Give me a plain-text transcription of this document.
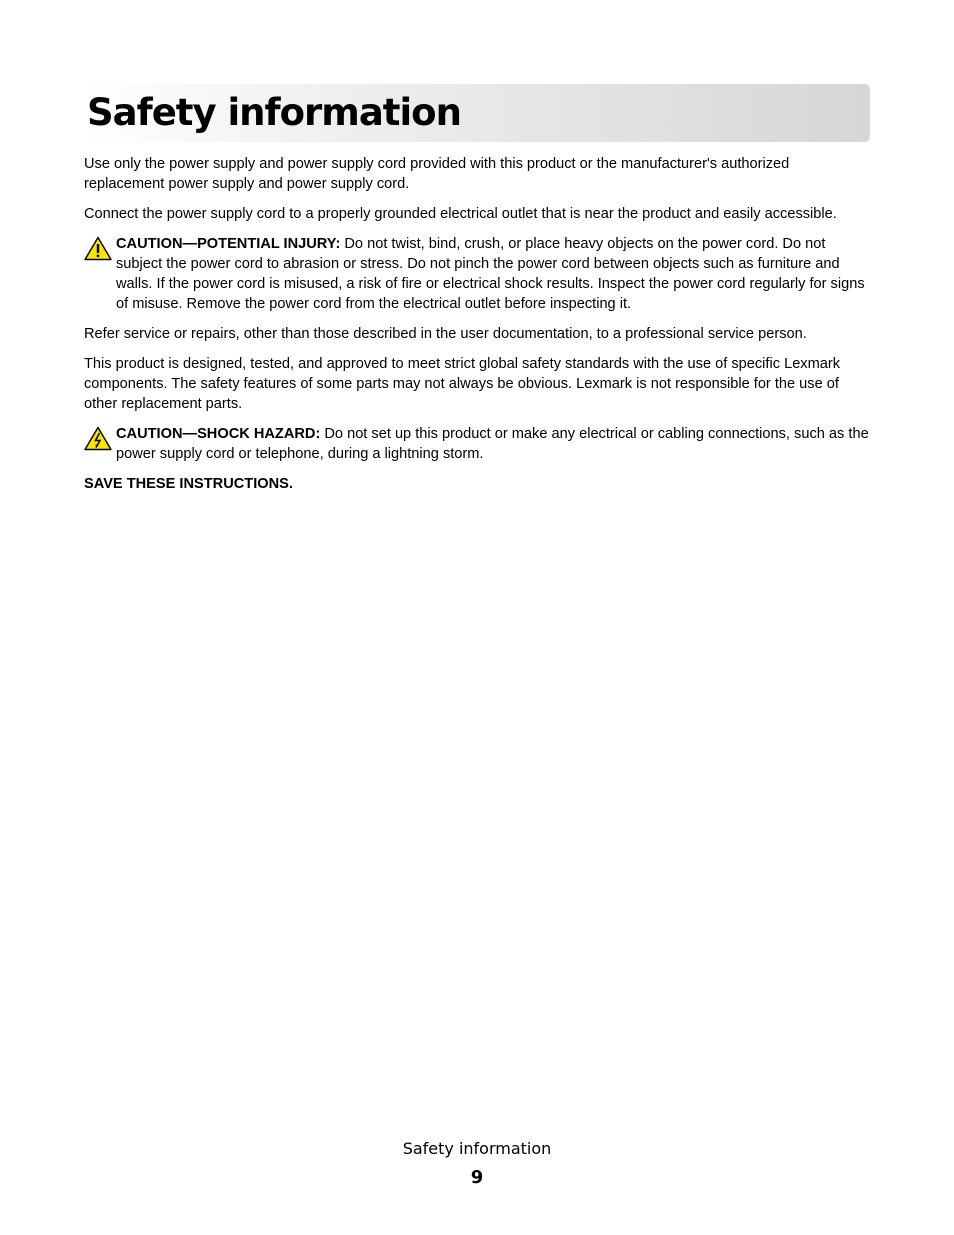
Safety information

Use only the power supply and power supply cord provided with this product or the manufacturer's authorized replacement power supply and power supply cord.

Connect the power supply cord to a properly grounded electrical outlet that is near the product and easily accessible.

CAUTION—POTENTIAL INJURY: Do not twist, bind, crush, or place heavy objects on the power cord. Do not subject the power cord to abrasion or stress. Do not pinch the power cord between objects such as furniture and walls. If the power cord is misused, a risk of fire or electrical shock results. Inspect the power cord regularly for signs of misuse. Remove the power cord from the electrical outlet before inspecting it.

Refer service or repairs, other than those described in the user documentation, to a professional service person.

This product is designed, tested, and approved to meet strict global safety standards with the use of specific Lexmark components. The safety features of some parts may not always be obvious. Lexmark is not responsible for the use of other replacement parts.

CAUTION—SHOCK HAZARD: Do not set up this product or make any electrical or cabling connections, such as the power supply cord or telephone, during a lightning storm.

SAVE THESE INSTRUCTIONS.

Safety information
9
